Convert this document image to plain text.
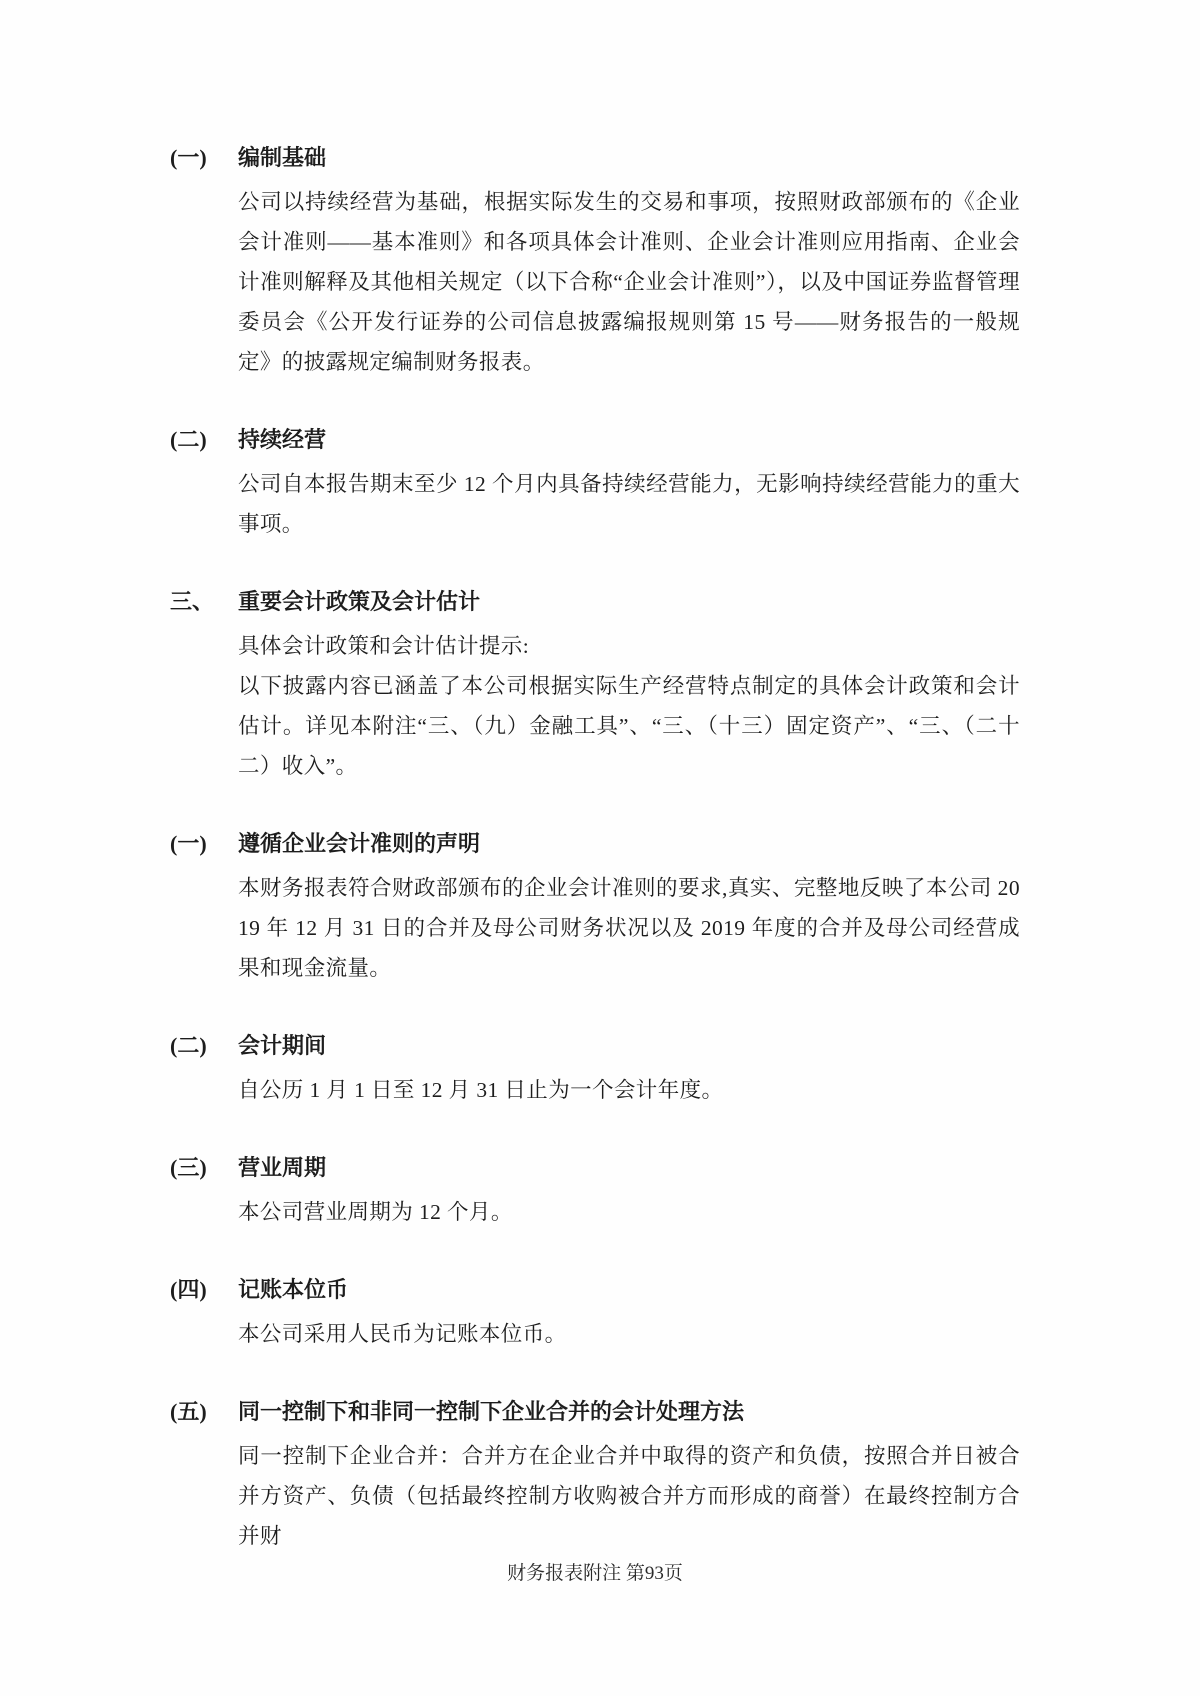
(一)	编制基础

公司以持续经营为基础，根据实际发生的交易和事项，按照财政部颁布的《企业会计准则——基本准则》和各项具体会计准则、企业会计准则应用指南、企业会计准则解释及其他相关规定（以下合称“企业会计准则”），以及中国证券监督管理委员会《公开发行证券的公司信息披露编报规则第 15 号——财务报告的一般规定》的披露规定编制财务报表。

(二)	持续经营

公司自本报告期末至少 12 个月内具备持续经营能力，无影响持续经营能力的重大事项。

三、	重要会计政策及会计估计

具体会计政策和会计估计提示:

以下披露内容已涵盖了本公司根据实际生产经营特点制定的具体会计政策和会计估计。详见本附注“三、（九）金融工具”、“三、（十三）固定资产”、“三、（二十二）收入”。

(一)	遵循企业会计准则的声明

本财务报表符合财政部颁布的企业会计准则的要求,真实、完整地反映了本公司 2019 年 12 月 31 日的合并及母公司财务状况以及 2019 年度的合并及母公司经营成果和现金流量。

(二)	会计期间

自公历 1 月 1 日至 12 月 31 日止为一个会计年度。

(三)	营业周期

本公司营业周期为 12 个月。

(四)	记账本位币

本公司采用人民币为记账本位币。

(五)	同一控制下和非同一控制下企业合并的会计处理方法

同一控制下企业合并：合并方在企业合并中取得的资产和负债，按照合并日被合并方资产、负债（包括最终控制方收购被合并方而形成的商誉）在最终控制方合并财

财务报表附注 第93页
